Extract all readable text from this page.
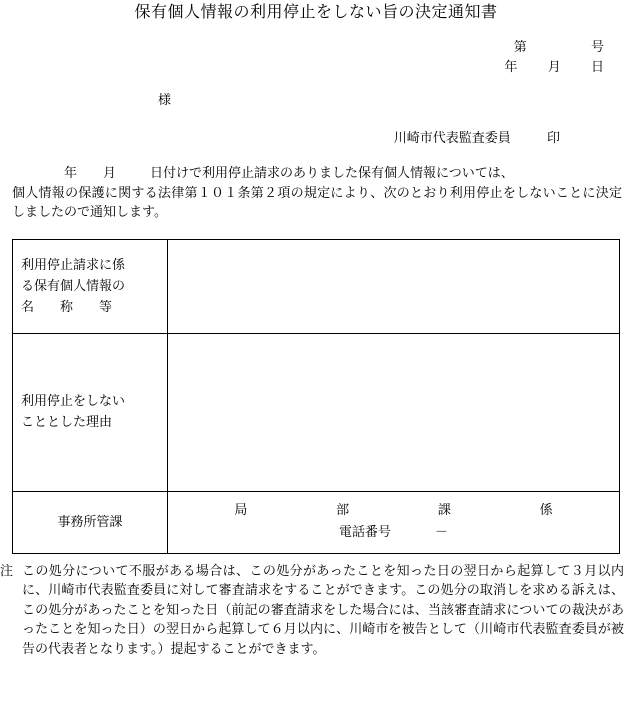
保有個人情報の利用停止をしない旨の決定通知書
第	号
年 月 日
様
川崎市代表監査委員	印
年 月	日付けで利用停止請求のありました保有個人情報については、
個人情報の保護に関する法律第１０１条第２項の規定により、次のとおり利用停止をしないことに決定しましたので通知します。
利用停止請求に係
る保有個人情報の
名　　称　　等	

利用停止をしない
こととした理由	

事務所管課	
局	部	課	係
電話番号	－
注 この処分について不服がある場合は、この処分があったことを知った日の翌日から起算して３月以内に、川崎市代表監査委員に対して審査請求をすることができます。この処分の取消しを求める訴えは、この処分があったことを知った日（前記の審査請求をした場合には、当該審査請求についての裁決があったことを知った日）の翌日から起算して６月以内に、川崎市を被告として（川崎市代表監査委員が被告の代表者となります。）提起することができます。
